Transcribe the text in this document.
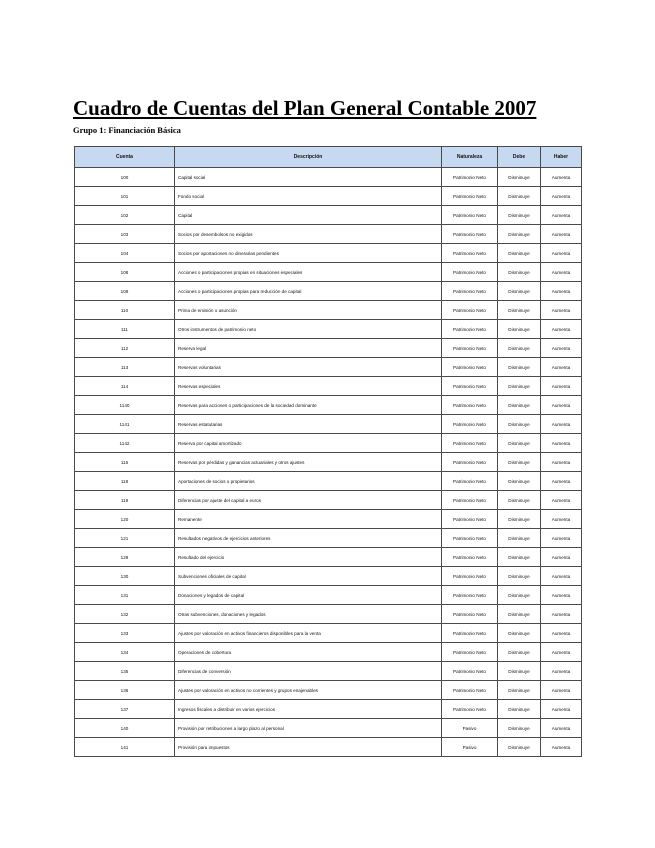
Cuadro de Cuentas del Plan General Contable 2007
Grupo 1: Financiación Básica
Cuenta	Descripción	Naturaleza	Debe	Haber
100	Capital social	Patrimonio Neto	Disminuye	Aumenta
101	Fondo social	Patrimonio Neto	Disminuye	Aumenta
102	Capital	Patrimonio Neto	Disminuye	Aumenta
103	Socios por desembolsos no exigidos	Patrimonio Neto	Disminuye	Aumenta
104	Socios por aportaciones no dinerarias pendientes	Patrimonio Neto	Disminuye	Aumenta
108	Acciones o participaciones propias en situaciones especiales	Patrimonio Neto	Disminuye	Aumenta
109	Acciones o participaciones propias para reducción de capital	Patrimonio Neto	Disminuye	Aumenta
110	Prima de emisión o asunción	Patrimonio Neto	Disminuye	Aumenta
111	Otros instrumentos de patrimonio neto	Patrimonio Neto	Disminuye	Aumenta
112	Reserva legal	Patrimonio Neto	Disminuye	Aumenta
113	Reservas voluntarias	Patrimonio Neto	Disminuye	Aumenta
114	Reservas especiales	Patrimonio Neto	Disminuye	Aumenta
1140	Reservas para acciones o participaciones de la sociedad dominante	Patrimonio Neto	Disminuye	Aumenta
1141	Reservas estatutarias	Patrimonio Neto	Disminuye	Aumenta
1142	Reserva por capital amortizado	Patrimonio Neto	Disminuye	Aumenta
115	Reservas por pérdidas y ganancias actuariales y otros ajustes	Patrimonio Neto	Disminuye	Aumenta
118	Aportaciones de socios o propietarios	Patrimonio Neto	Disminuye	Aumenta
119	Diferencias por ajuste del capital a euros	Patrimonio Neto	Disminuye	Aumenta
120	Remanente	Patrimonio Neto	Disminuye	Aumenta
121	Resultados negativos de ejercicios anteriores	Patrimonio Neto	Disminuye	Aumenta
129	Resultado del ejercicio	Patrimonio Neto	Disminuye	Aumenta
130	Subvenciones oficiales de capital	Patrimonio Neto	Disminuye	Aumenta
131	Donaciones y legados de capital	Patrimonio Neto	Disminuye	Aumenta
132	Otras subvenciones, donaciones y legados	Patrimonio Neto	Disminuye	Aumenta
133	Ajustes por valoración en activos financieros disponibles para la venta	Patrimonio Neto	Disminuye	Aumenta
134	Operaciones de cobertura	Patrimonio Neto	Disminuye	Aumenta
135	Diferencias de conversión	Patrimonio Neto	Disminuye	Aumenta
136	Ajustes por valoración en activos no corrientes y grupos enajenables	Patrimonio Neto	Disminuye	Aumenta
137	Ingresos fiscales a distribuir en varios ejercicios	Patrimonio Neto	Disminuye	Aumenta
140	Provisión por retribuciones a largo plazo al personal	Pasivo	Disminuye	Aumenta
141	Provisión para impuestos	Pasivo	Disminuye	Aumenta
